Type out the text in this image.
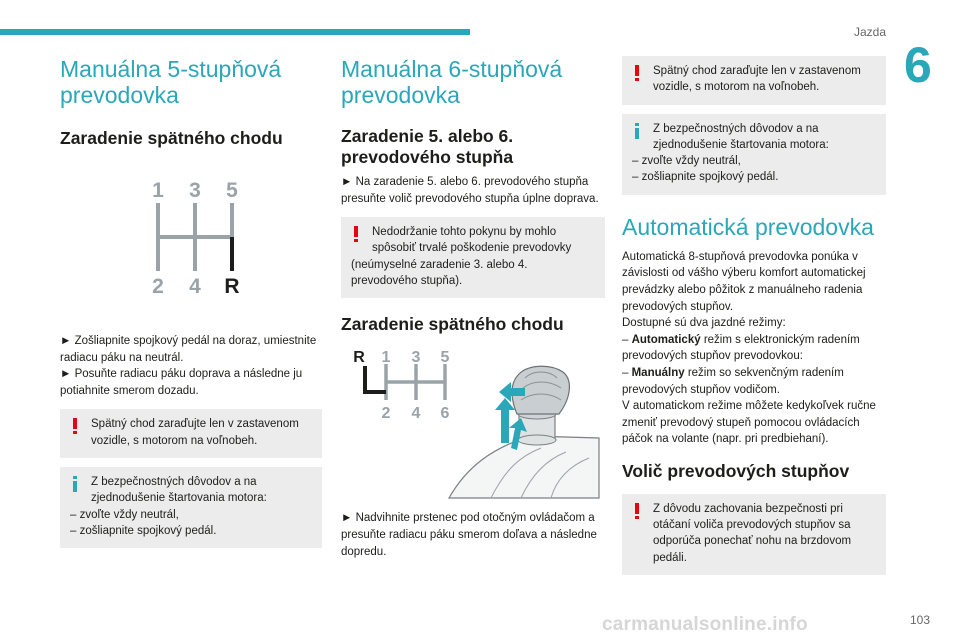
Jazda
6
Manuálna 5-stupňová prevodovka
Zaradenie spätného chodu
1 3 5
2 4 R

► Zošliapnite spojkový pedál na doraz, umiestnite radiacu páku na neutrál.

► Posuňte radiacu páku doprava a následne ju potiahnite smerom dozadu.

Spätný chod zaraďujte len v zastavenom vozidle, s motorom na voľnobeh.
Z bezpečnostných dôvodov a na zjednodušenie štartovania motora:
– zvoľte vždy neutrál,
– zošliapnite spojkový pedál.
Manuálna 6-stupňová prevodovka
Zaradenie 5. alebo 6. prevodového stupňa

► Na zaradenie 5. alebo 6. prevodového stupňa presuňte volič prevodového stupňa úplne doprava.

Nedodržanie tohto pokynu by mohlo spôsobiť trvalé poškodenie prevodovky
(neúmyselné zaradenie 3. alebo 4. prevodového stupňa).
Zaradenie spätného chodu
R 1 3 5
2 4 6

► Nadvihnite prstenec pod otočným ovládačom a presuňte radiacu páku smerom doľava a následne dopredu.

Spätný chod zaraďujte len v zastavenom vozidle, s motorom na voľnobeh.
Z bezpečnostných dôvodov a na zjednodušenie štartovania motora:
– zvoľte vždy neutrál,
– zošliapnite spojkový pedál.
Automatická prevodovka

Automatická 8-stupňová prevodovka ponúka v závislosti od vášho výberu komfort automatickej prevádzky alebo pôžitok z manuálneho radenia prevodových stupňov.

Dostupné sú dva jazdné režimy:

– Automatický režim s elektronickým radením prevodových stupňov prevodovkou:

– Manuálny režim so sekvenčným radením prevodových stupňov vodičom.

V automatickom režime môžete kedykoľvek ručne zmeniť prevodový stupeň pomocou ovládacích páčok na volante (napr. pri predbiehaní).

Volič prevodových stupňov
Z dôvodu zachovania bezpečnosti pri otáčaní voliča prevodových stupňov sa odporúča ponechať nohu na brzdovom pedáli.
carmanualsonline.info	103
